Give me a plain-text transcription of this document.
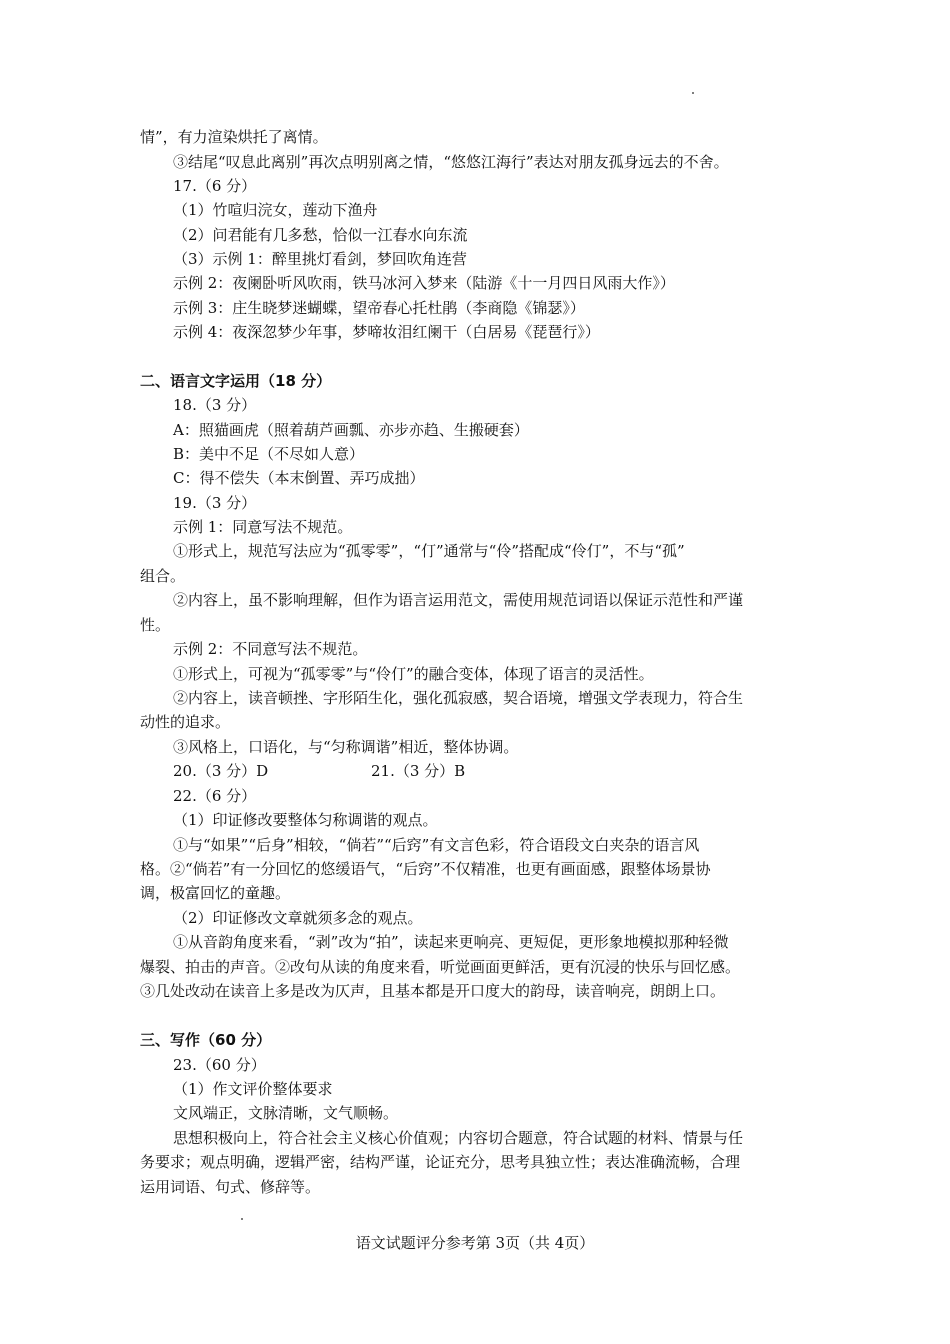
情”，有力渲染烘托了离情。
③结尾“叹息此离别”再次点明别离之情，“悠悠江海行”表达对朋友孤身远去的不舍。
17.（6 分）
（1）竹喧归浣女，莲动下渔舟
（2）问君能有几多愁，恰似一江春水向东流
（3）示例 1：醉里挑灯看剑，梦回吹角连营
示例 2：夜阑卧听风吹雨，铁马冰河入梦来（陆游《十一月四日风雨大作》）
示例 3：庄生晓梦迷蝴蝶，望帝春心托杜鹃（李商隐《锦瑟》）
示例 4：夜深忽梦少年事，梦啼妆泪红阑干（白居易《琵琶行》）
二、语言文字运用（18 分）
18.（3 分）
A：照猫画虎（照着葫芦画瓢、亦步亦趋、生搬硬套）
B：美中不足（不尽如人意）
C：得不偿失（本末倒置、弄巧成拙）
19.（3 分）
示例 1：同意写法不规范。
①形式上，规范写法应为“孤零零”，“仃”通常与“伶”搭配成“伶仃”，不与“孤”
组合。
②内容上，虽不影响理解，但作为语言运用范文，需使用规范词语以保证示范性和严谨
性。
示例 2：不同意写法不规范。
①形式上，可视为“孤零零”与“伶仃”的融合变体，体现了语言的灵活性。
②内容上，读音顿挫、字形陌生化，强化孤寂感，契合语境，增强文学表现力，符合生
动性的追求。
③风格上，口语化，与“匀称调谐”相近，整体协调。
20.（3 分）D	21.（3 分）B
22.（6 分）
（1）印证修改要整体匀称调谐的观点。
①与“如果”“后身”相较，“倘若”“后窍”有文言色彩，符合语段文白夹杂的语言风
格。②“倘若”有一分回忆的悠缓语气，“后窍”不仅精准，也更有画面感，跟整体场景协
调，极富回忆的童趣。
（2）印证修改文章就须多念的观点。
①从音韵角度来看，“剥”改为“拍”，读起来更响亮、更短促，更形象地模拟那种轻微
爆裂、拍击的声音。②改句从读的角度来看，听觉画面更鲜活，更有沉浸的快乐与回忆感。
③几处改动在读音上多是改为仄声，且基本都是开口度大的韵母，读音响亮，朗朗上口。
三、写作（60 分）
23.（60 分）
（1）作文评价整体要求
文风端正，文脉清晰，文气顺畅。
思想积极向上，符合社会主义核心价值观；内容切合题意，符合试题的材料、情景与任
务要求；观点明确，逻辑严密，结构严谨，论证充分，思考具独立性；表达准确流畅，合理
运用词语、句式、修辞等。
语文试题评分参考第 3页（共 4页）
